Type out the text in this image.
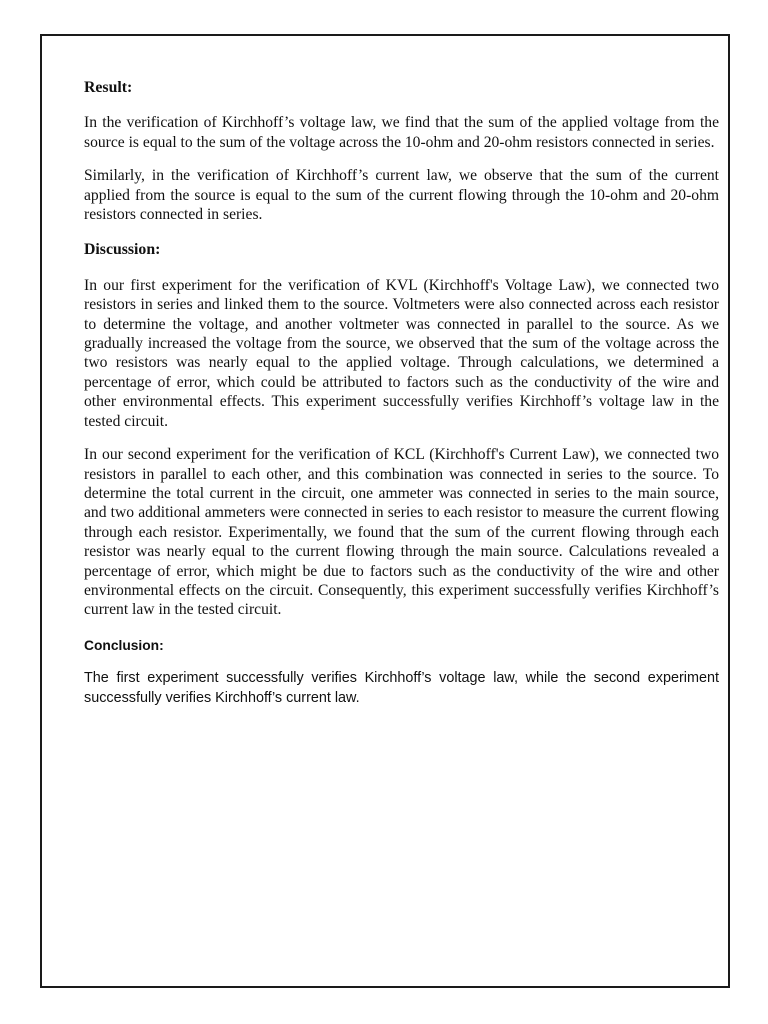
Result:

In the verification of Kirchhoff’s voltage law, we find that the sum of the applied voltage from the source is equal to the sum of the voltage across the 10-ohm and 20-ohm resistors connected in series.

Similarly, in the verification of Kirchhoff’s current law, we observe that the sum of the current applied from the source is equal to the sum of the current flowing through the 10-ohm and 20-ohm resistors connected in series.

Discussion:

In our first experiment for the verification of KVL (Kirchhoff's Voltage Law), we connected two resistors in series and linked them to the source. Voltmeters were also connected across each resistor to determine the voltage, and another voltmeter was connected in parallel to the source. As we gradually increased the voltage from the source, we observed that the sum of the voltage across the two resistors was nearly equal to the applied voltage. Through calculations, we determined a percentage of error, which could be attributed to factors such as the conductivity of the wire and other environmental effects. This experiment successfully verifies Kirchhoff’s voltage law in the tested circuit.

In our second experiment for the verification of KCL (Kirchhoff's Current Law), we connected two resistors in parallel to each other, and this combination was connected in series to the source. To determine the total current in the circuit, one ammeter was connected in series to the main source, and two additional ammeters were connected in series to each resistor to measure the current flowing through each resistor. Experimentally, we found that the sum of the current flowing through each resistor was nearly equal to the current flowing through the main source. Calculations revealed a percentage of error, which might be due to factors such as the conductivity of the wire and other environmental effects on the circuit. Consequently, this experiment successfully verifies Kirchhoff’s current law in the tested circuit.

Conclusion:

The first experiment successfully verifies Kirchhoff’s voltage law, while the second experiment successfully verifies Kirchhoff’s current law.
